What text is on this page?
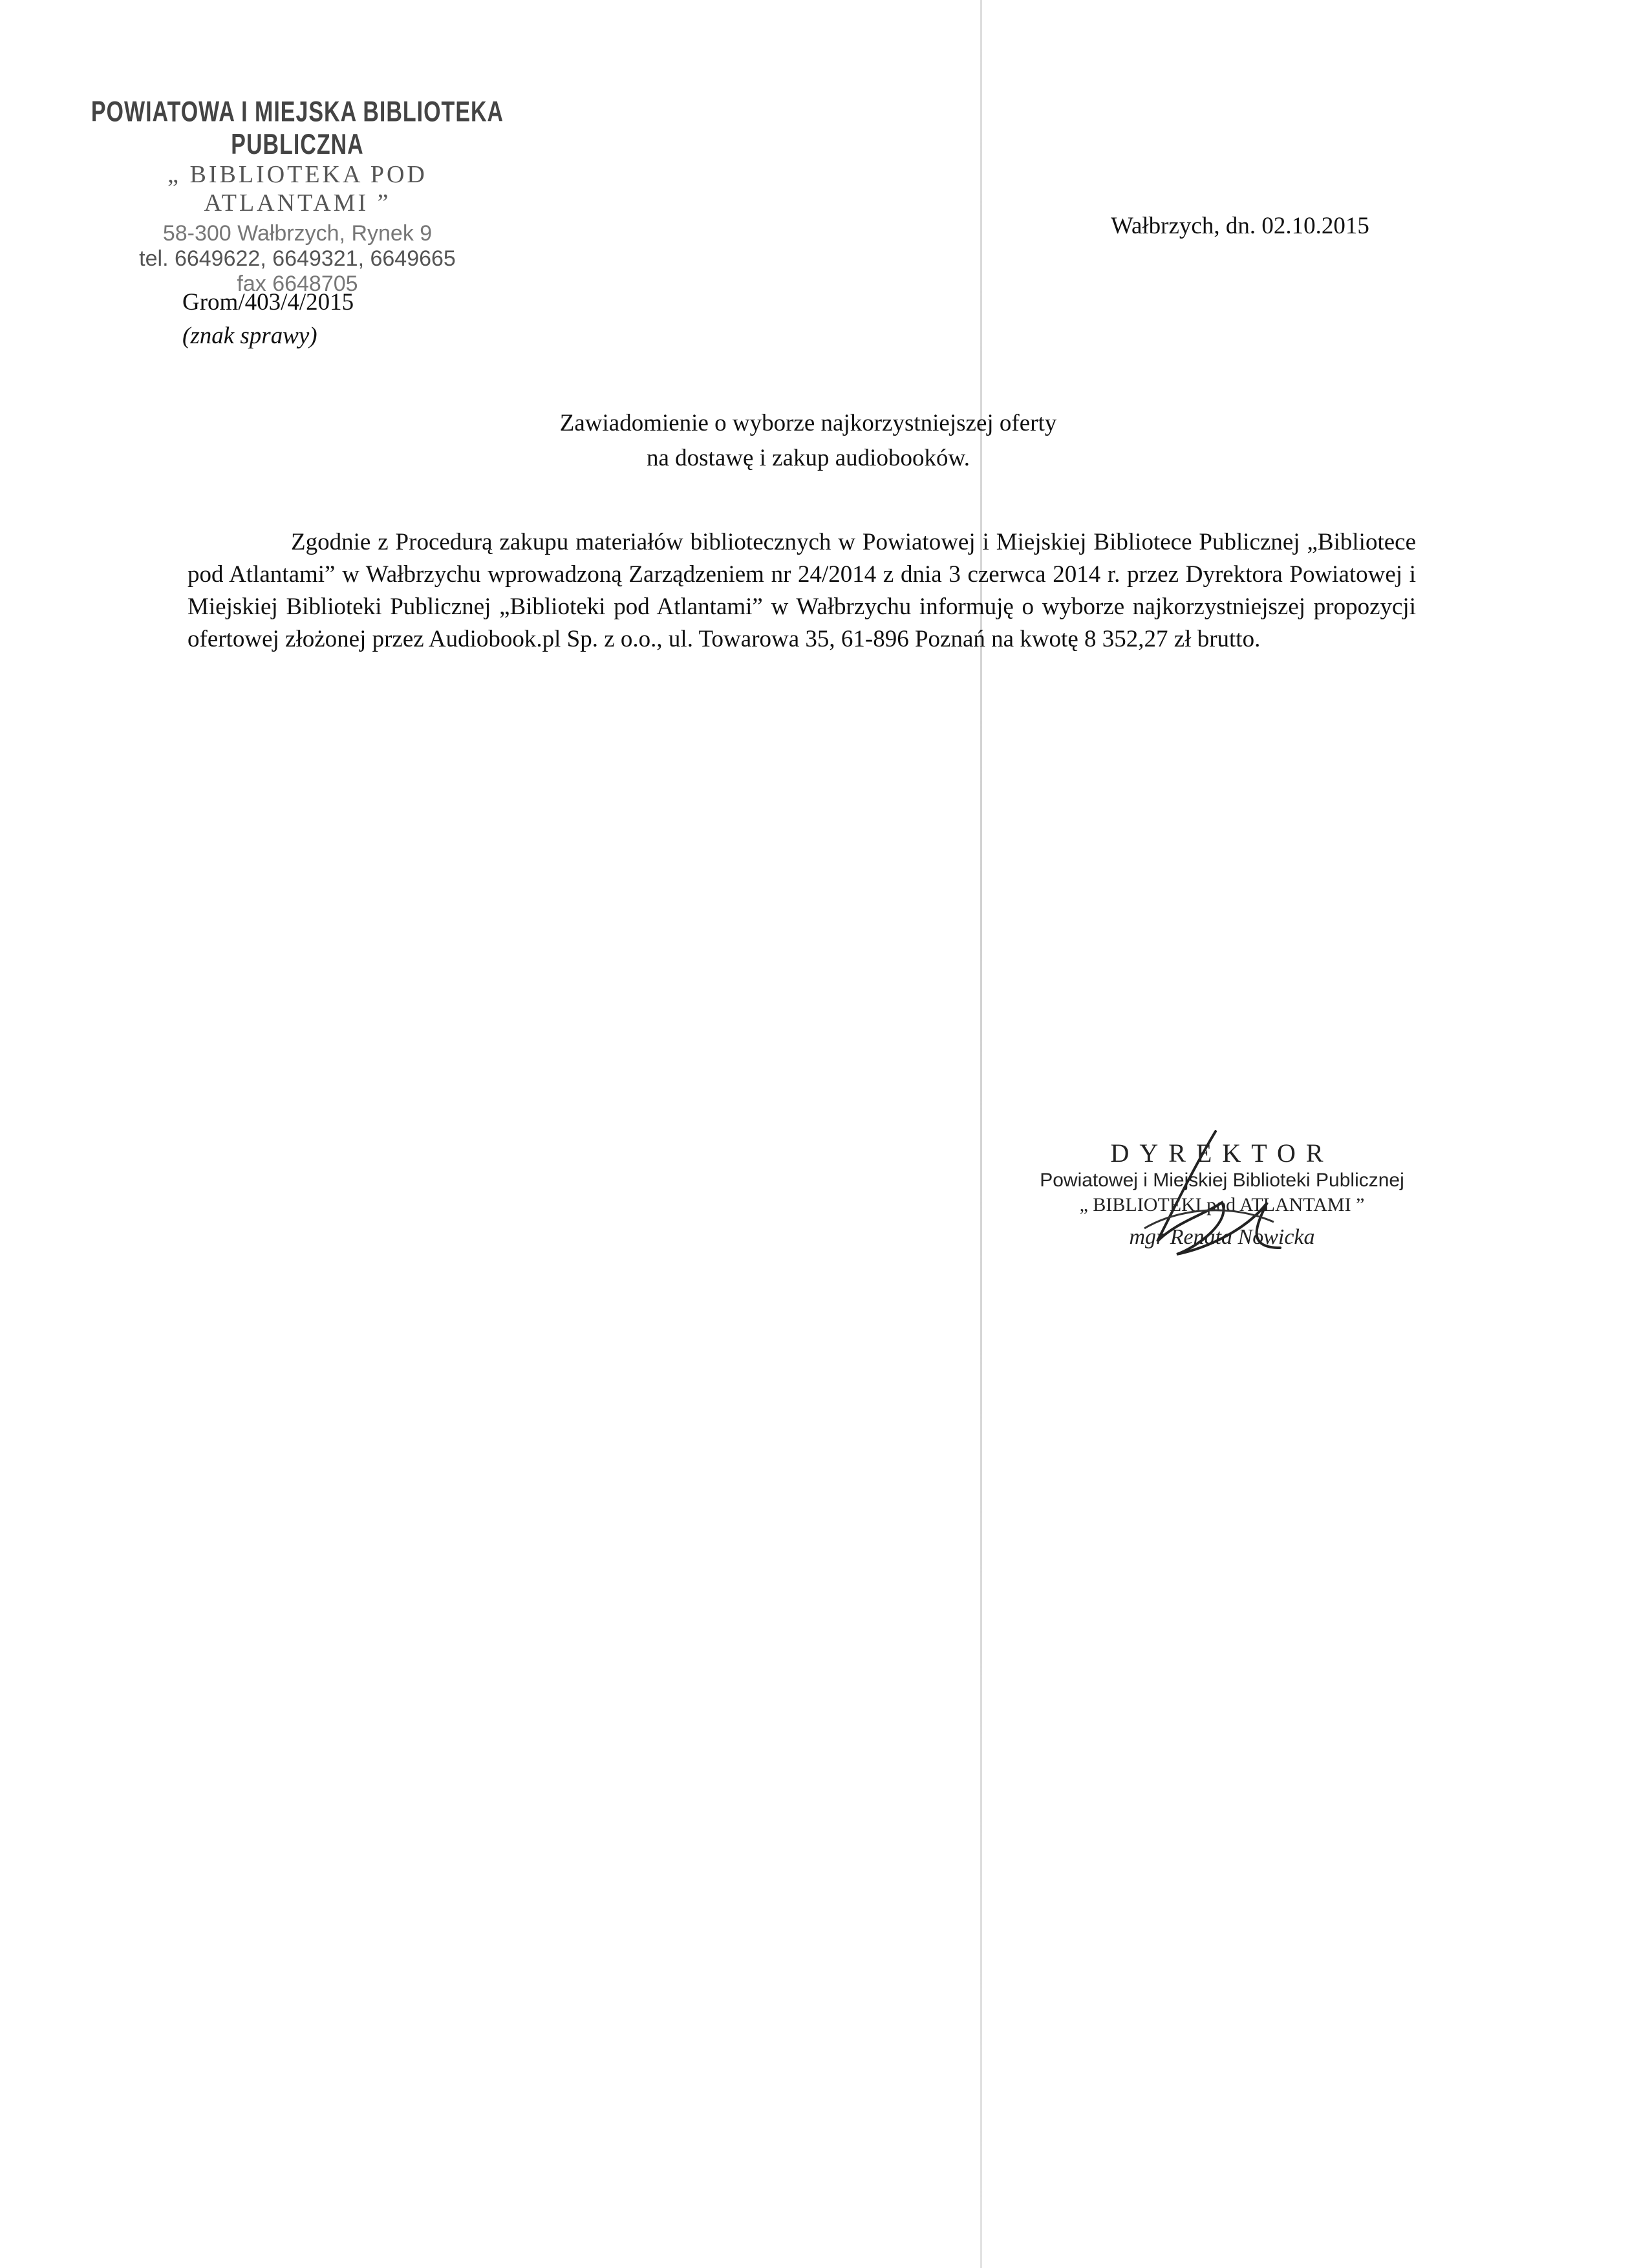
POWIATOWA I MIEJSKA BIBLIOTEKA PUBLICZNA
„ BIBLIOTEKA POD ATLANTAMI ”
58-300 Wałbrzych, Rynek 9
tel. 6649622, 6649321, 6649665
fax 6648705
Wałbrzych, dn. 02.10.2015
Grom/403/4/2015
(znak sprawy)
Zawiadomienie o wyborze najkorzystniejszej oferty
na dostawę i zakup audiobooków.

Zgodnie z Procedurą zakupu materiałów bibliotecznych w Powiatowej i Miejskiej Bibliotece Publicznej „Bibliotece pod Atlantami” w Wałbrzychu wprowadzoną Zarządzeniem nr 24/2014 z dnia 3 czerwca 2014 r. przez Dyrektora Powiatowej i Miejskiej Biblioteki Publicznej „Biblioteki pod Atlantami” w Wałbrzychu informuję o wyborze najkorzystniejszej propozycji ofertowej złożonej przez Audiobook.pl Sp. z o.o., ul. Towarowa 35, 61-896 Poznań na kwotę 8 352,27 zł brutto.

DYREKTOR
Powiatowej i Miejskiej Biblioteki Publicznej
„ BIBLIOTEKI pod ATLANTAMI ”
mgr Renata Nowicka
